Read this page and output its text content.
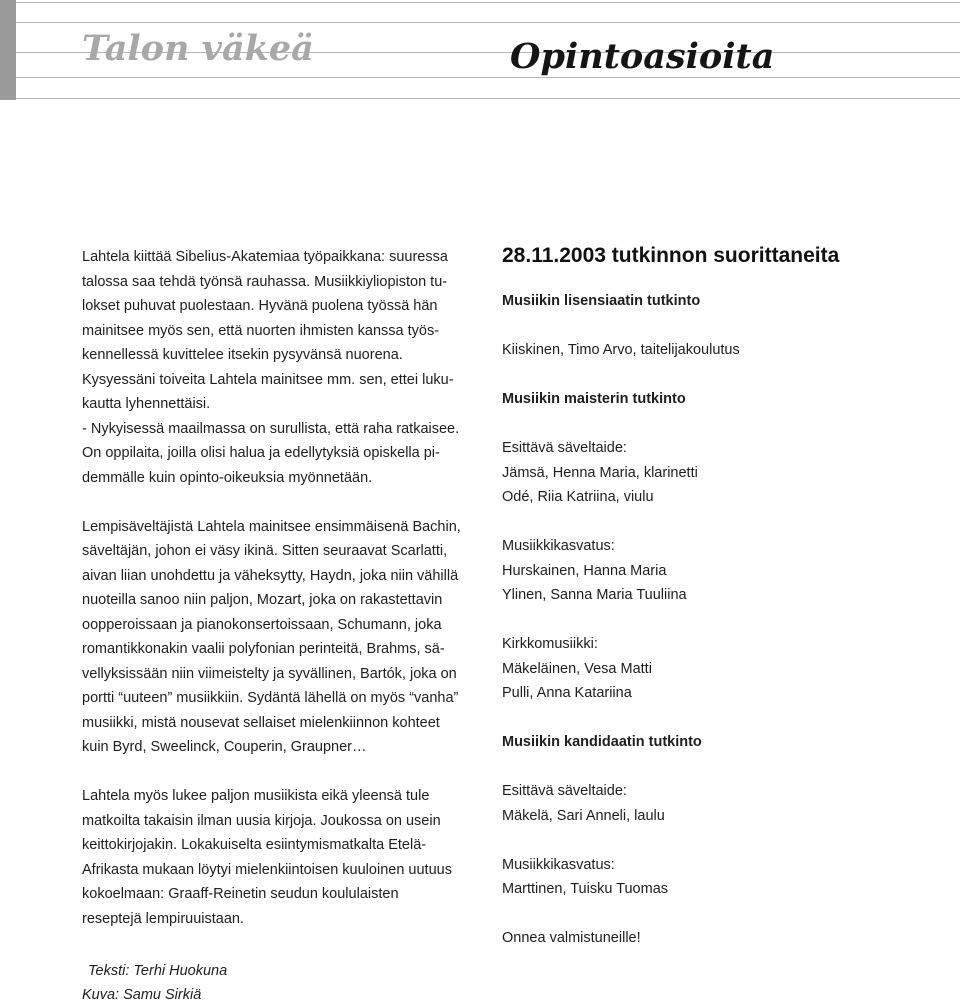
Talon väkeä	Opintoasioita

Lahtela kiittää Sibelius-Akatemiaa työpaikkana: suuressa

talossa saa tehdä työnsä rauhassa. Musiikkiyliopiston tu-

lokset puhuvat puolestaan. Hyvänä puolena työssä hän

mainitsee myös sen, että nuorten ihmisten kanssa työs-

kennellessä kuvittelee itsekin pysyvänsä nuorena.

Kysyessäni toiveita Lahtela mainitsee mm. sen, ettei luku-

kautta lyhennettäisi.

- Nykyisessä maailmassa on surullista, että raha ratkaisee.

On oppilaita, joilla olisi halua ja edellytyksiä opiskella pi-

demmälle kuin opinto-oikeuksia myönnetään.

Lempisäveltäjistä Lahtela mainitsee ensimmäisenä Bachin,

säveltäjän, johon ei väsy ikinä. Sitten seuraavat Scarlatti,

aivan liian unohdettu ja väheksytty, Haydn, joka niin vähillä

nuoteilla sanoo niin paljon, Mozart, joka on rakastettavin

oopperoissaan ja pianokonsertoissaan, Schumann, joka

romantikkonakin vaalii polyfonian perinteitä, Brahms, sä-

vellyksissään niin viimeistelty ja syvällinen, Bartók, joka on

portti “uuteen” musiikkiin. Sydäntä lähellä on myös “vanha”

musiikki, mistä nousevat sellaiset mielenkiinnon kohteet

kuin Byrd, Sweelinck, Couperin, Graupner…

Lahtela myös lukee paljon musiikista eikä yleensä tule

matkoilta takaisin ilman uusia kirjoja. Joukossa on usein

keittokirjojakin. Lokakuiselta esiintymismatkalta Etelä-

Afrikasta mukaan löytyi mielenkiintoisen kuuloinen uutuus

kokoelmaan: Graaff-Reinetin seudun koululaisten

reseptejä lempiruuistaan.

Teksti: Terhi Huokuna
Kuva: Samu Sirkiä
28.11.2003 tutkinnon suorittaneita

Musiikin lisensiaatin tutkinto

Kiiskinen, Timo Arvo, taitelijakoulutus

Musiikin maisterin tutkinto

Esittävä säveltaide:

Jämsä, Henna Maria, klarinetti

Odé, Riia Katriina, viulu

Musiikkikasvatus:

Hurskainen, Hanna Maria

Ylinen, Sanna Maria Tuuliina

Kirkkomusiikki:

Mäkeläinen, Vesa Matti

Pulli, Anna Katariina

Musiikin kandidaatin tutkinto

Esittävä säveltaide:

Mäkelä, Sari Anneli, laulu

Musiikkikasvatus:

Marttinen, Tuisku Tuomas

Onnea valmistuneille!
